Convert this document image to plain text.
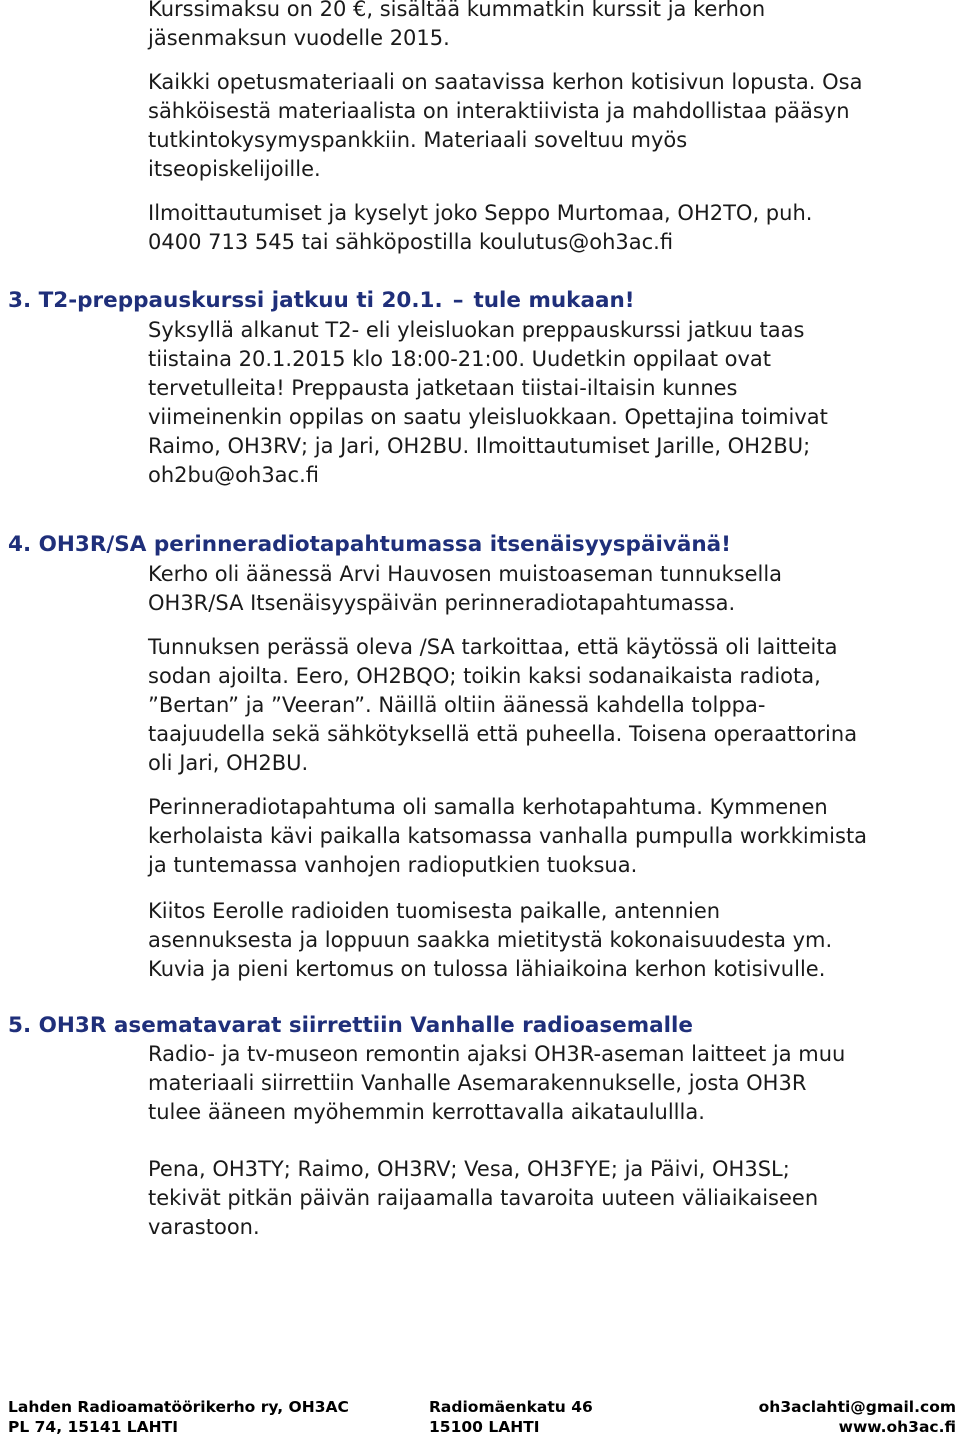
Kurssimaksu on 20 €, sisältää kummatkin kurssit ja kerhon
jäsenmaksun vuodelle 2015.
Kaikki opetusmateriaali on saatavissa kerhon kotisivun lopusta. Osa
sähköisestä materiaalista on interaktiivista ja mahdollistaa pääsyn
tutkintokysymyspankkiin. Materiaali soveltuu myös
itseopiskelijoille.
Ilmoittautumiset ja kyselyt joko Seppo Murtomaa, OH2TO, puh.
0400 713 545 tai sähköpostilla koulutus@oh3ac.fi
3. T2-preppauskurssi jatkuu ti 20.1. – tule mukaan!
Syksyllä alkanut T2- eli yleisluokan preppauskurssi jatkuu taas
tiistaina 20.1.2015 klo 18:00-21:00. Uudetkin oppilaat ovat
tervetulleita! Preppausta jatketaan tiistai-iltaisin kunnes
viimeinenkin oppilas on saatu yleisluokkaan. Opettajina toimivat
Raimo, OH3RV; ja Jari, OH2BU. Ilmoittautumiset Jarille, OH2BU;
oh2bu@oh3ac.fi
4. OH3R/SA perinneradiotapahtumassa itsenäisyyspäivänä!
Kerho oli äänessä Arvi Hauvosen muistoaseman tunnuksella
OH3R/SA Itsenäisyyspäivän perinneradiotapahtumassa.
Tunnuksen perässä oleva /SA tarkoittaa, että käytössä oli laitteita
sodan ajoilta. Eero, OH2BQO; toikin kaksi sodanaikaista radiota,
”Bertan” ja ”Veeran”. Näillä oltiin äänessä kahdella tolppa-
taajuudella sekä sähkötyksellä että puheella. Toisena operaattorina
oli Jari, OH2BU.
Perinneradiotapahtuma oli samalla kerhotapahtuma. Kymmenen
kerholaista kävi paikalla katsomassa vanhalla pumpulla workkimista
ja tuntemassa vanhojen radioputkien tuoksua.
Kiitos Eerolle radioiden tuomisesta paikalle, antennien
asennuksesta ja loppuun saakka mietitystä kokonaisuudesta ym.
Kuvia ja pieni kertomus on tulossa lähiaikoina kerhon kotisivulle.
5. OH3R asematavarat siirrettiin Vanhalle radioasemalle
Radio- ja tv-museon remontin ajaksi OH3R-aseman laitteet ja muu
materiaali siirrettiin Vanhalle Asemarakennukselle, josta OH3R
tulee ääneen myöhemmin kerrottavalla aikataulullla.
Pena, OH3TY; Raimo, OH3RV; Vesa, OH3FYE; ja Päivi, OH3SL;
tekivät pitkän päivän raijaamalla tavaroita uuteen väliaikaiseen
varastoon.
Lahden Radioamatöörikerho ry, OH3AC
PL 74, 15141 LAHTI
Radiomäenkatu 46
15100 LAHTI
oh3aclahti@gmail.com
www.oh3ac.fi
